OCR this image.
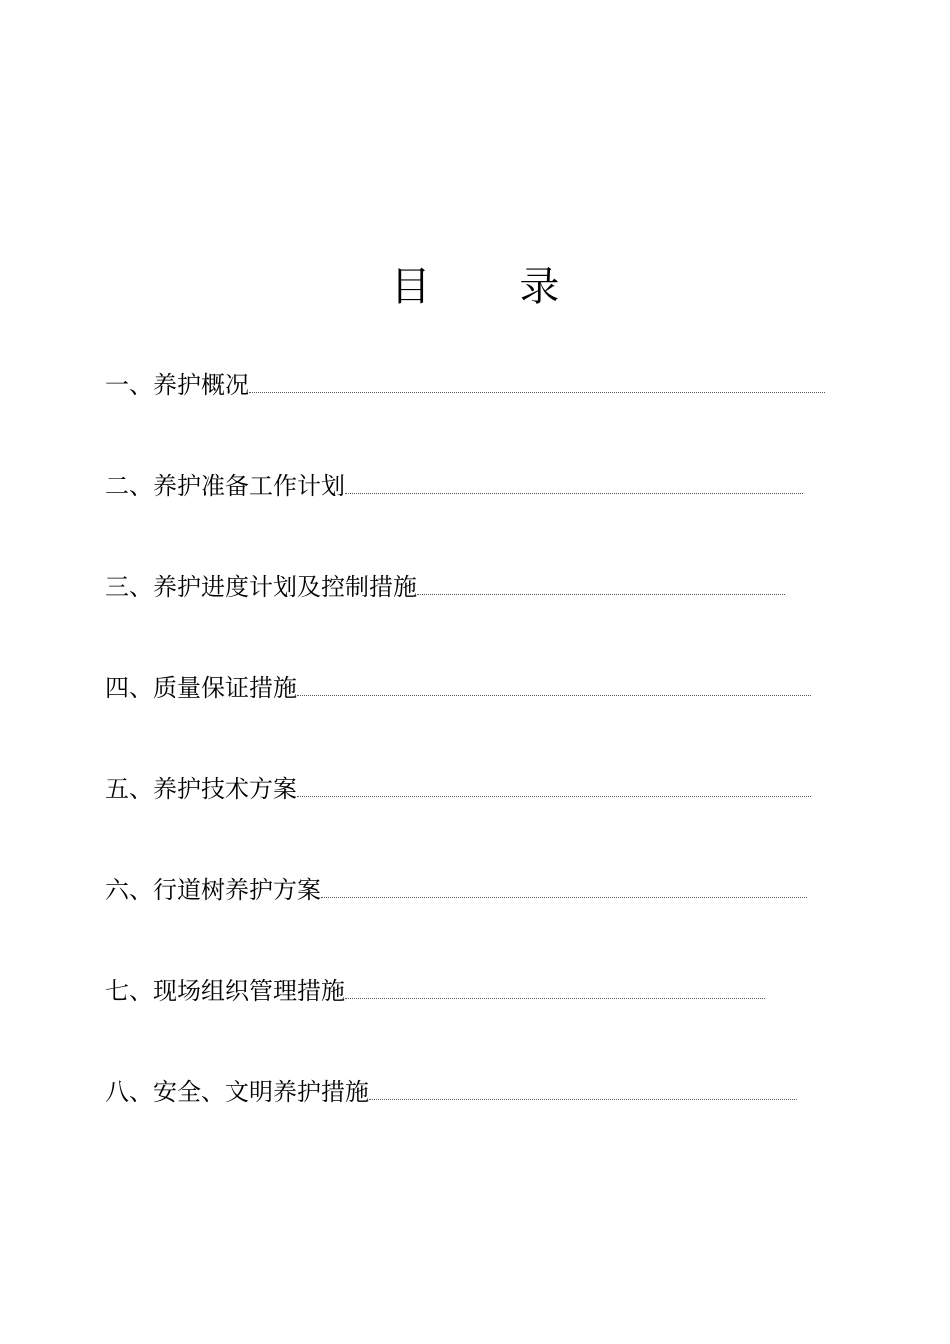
目 录
一、养护概况
二、养护准备工作计划
三、养护进度计划及控制措施
四、质量保证措施
五、养护技术方案
六、行道树养护方案
七、现场组织管理措施
八、安全、文明养护措施
